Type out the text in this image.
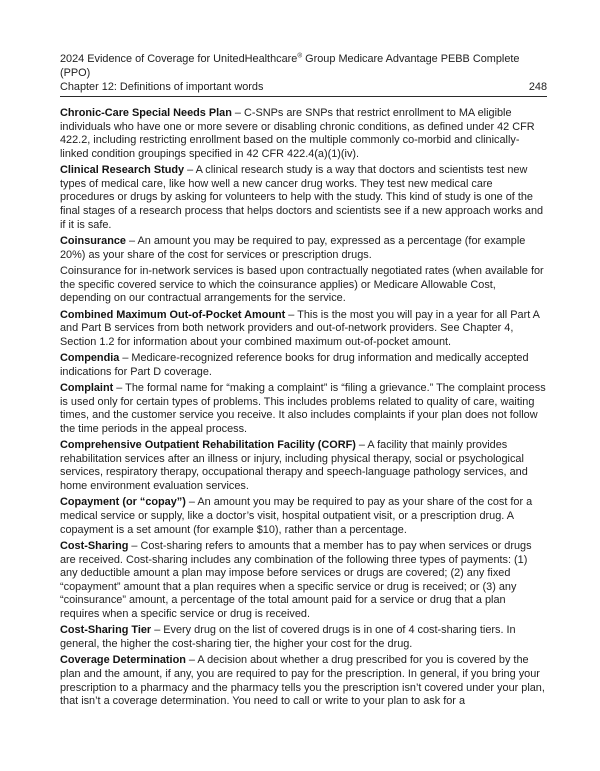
2024 Evidence of Coverage for UnitedHealthcare® Group Medicare Advantage PEBB Complete
(PPO)
Chapter 12: Definitions of important words	248

Chronic-Care Special Needs Plan – C-SNPs are SNPs that restrict enrollment to MA eligible individuals who have one or more severe or disabling chronic conditions, as defined under 42 CFR 422.2, including restricting enrollment based on the multiple commonly co-morbid and clinically-linked condition groupings specified in 42 CFR 422.4(a)(1)(iv).

Clinical Research Study – A clinical research study is a way that doctors and scientists test new types of medical care, like how well a new cancer drug works. They test new medical care procedures or drugs by asking for volunteers to help with the study. This kind of study is one of the final stages of a research process that helps doctors and scientists see if a new approach works and if it is safe.

Coinsurance – An amount you may be required to pay, expressed as a percentage (for example 20%) as your share of the cost for services or prescription drugs.

Coinsurance for in-network services is based upon contractually negotiated rates (when available for the specific covered service to which the coinsurance applies) or Medicare Allowable Cost, depending on our contractual arrangements for the service.

Combined Maximum Out-of-Pocket Amount – This is the most you will pay in a year for all Part A and Part B services from both network providers and out-of-network providers. See Chapter 4, Section 1.2 for information about your combined maximum out-of-pocket amount.

Compendia – Medicare-recognized reference books for drug information and medically accepted indications for Part D coverage.

Complaint – The formal name for “making a complaint” is “filing a grievance.” The complaint process is used only for certain types of problems. This includes problems related to quality of care, waiting times, and the customer service you receive. It also includes complaints if your plan does not follow the time periods in the appeal process.

Comprehensive Outpatient Rehabilitation Facility (CORF) – A facility that mainly provides rehabilitation services after an illness or injury, including physical therapy, social or psychological services, respiratory therapy, occupational therapy and speech-language pathology services, and home environment evaluation services.

Copayment (or “copay”) – An amount you may be required to pay as your share of the cost for a medical service or supply, like a doctor’s visit, hospital outpatient visit, or a prescription drug. A copayment is a set amount (for example $10), rather than a percentage.

Cost-Sharing – Cost-sharing refers to amounts that a member has to pay when services or drugs are received. Cost-sharing includes any combination of the following three types of payments: (1) any deductible amount a plan may impose before services or drugs are covered; (2) any fixed “copayment” amount that a plan requires when a specific service or drug is received; or (3) any “coinsurance” amount, a percentage of the total amount paid for a service or drug that a plan requires when a specific service or drug is received.

Cost-Sharing Tier – Every drug on the list of covered drugs is in one of 4 cost-sharing tiers. In general, the higher the cost-sharing tier, the higher your cost for the drug.

Coverage Determination – A decision about whether a drug prescribed for you is covered by the plan and the amount, if any, you are required to pay for the prescription. In general, if you bring your prescription to a pharmacy and the pharmacy tells you the prescription isn’t covered under your plan, that isn’t a coverage determination. You need to call or write to your plan to ask for a
